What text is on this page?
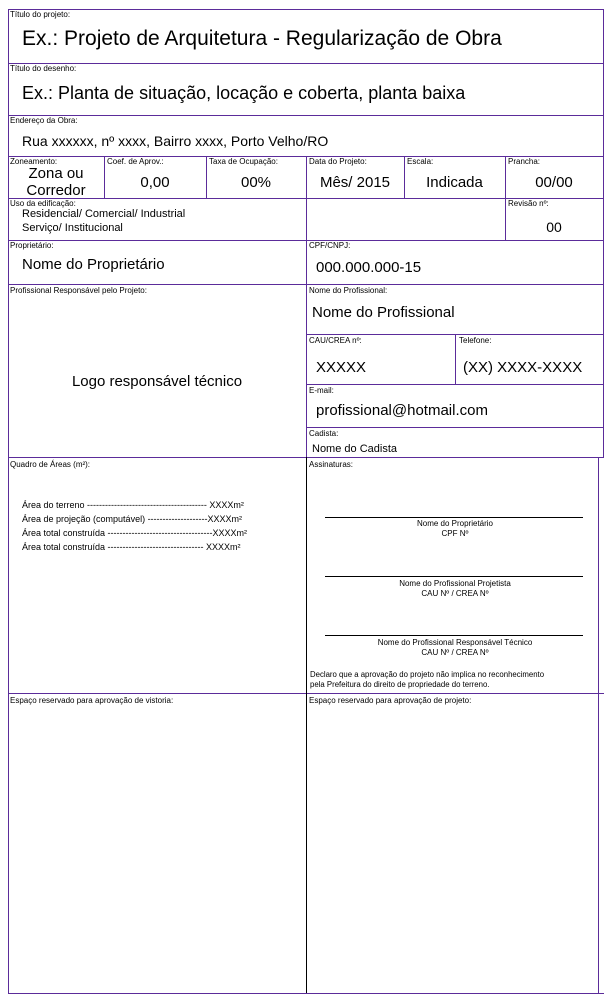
Título do projeto:
Ex.: Projeto de Arquitetura - Regularização de Obra
Título do desenho:
Ex.: Planta de situação, locação e coberta, planta baixa
Endereço da Obra:
Rua xxxxxx, nº xxxx, Bairro xxxx, Porto Velho/RO
Zoneamento:
Zona ou
Corredor
Coef. de Aprov.:
0,00
Taxa de Ocupação:
00%
Data do Projeto:
Mês/ 2015
Escala:
Indicada
Prancha:
00/00
Uso da edificação:
Residencial/ Comercial/ Industrial
Serviço/ Institucional
Revisão nº:
00
Proprietário:
Nome do Proprietário
CPF/CNPJ:
000.000.000-15
Profissional Responsável pelo Projeto:
Logo responsável técnico
Nome do Profissional:
Nome do Profissional
CAU/CREA nº:
XXXXX
Telefone:
(XX) XXXX-XXXX
E-mail:
profissional@hotmail.com
Cadista:
Nome do Cadista
Quadro de Áreas (m²):
Área do terreno ---------------------------------------- XXXXm²
Área de projeção (computável) --------------------XXXXm²
Área total construída -----------------------------------XXXXm²
Área total construída -------------------------------- XXXXm²
Assinaturas:
Nome do Proprietário
CPF Nº
Nome do Profissional Projetista
CAU Nº / CREA Nº
Nome do Profissional Responsável Técnico
CAU Nº / CREA Nº
Declaro que a aprovação do projeto não implica no reconhecimento
pela Prefeitura do direito de propriedade do terreno.
Espaço reservado para aprovação de vistoria:	Espaço reservado para aprovação de projeto:
